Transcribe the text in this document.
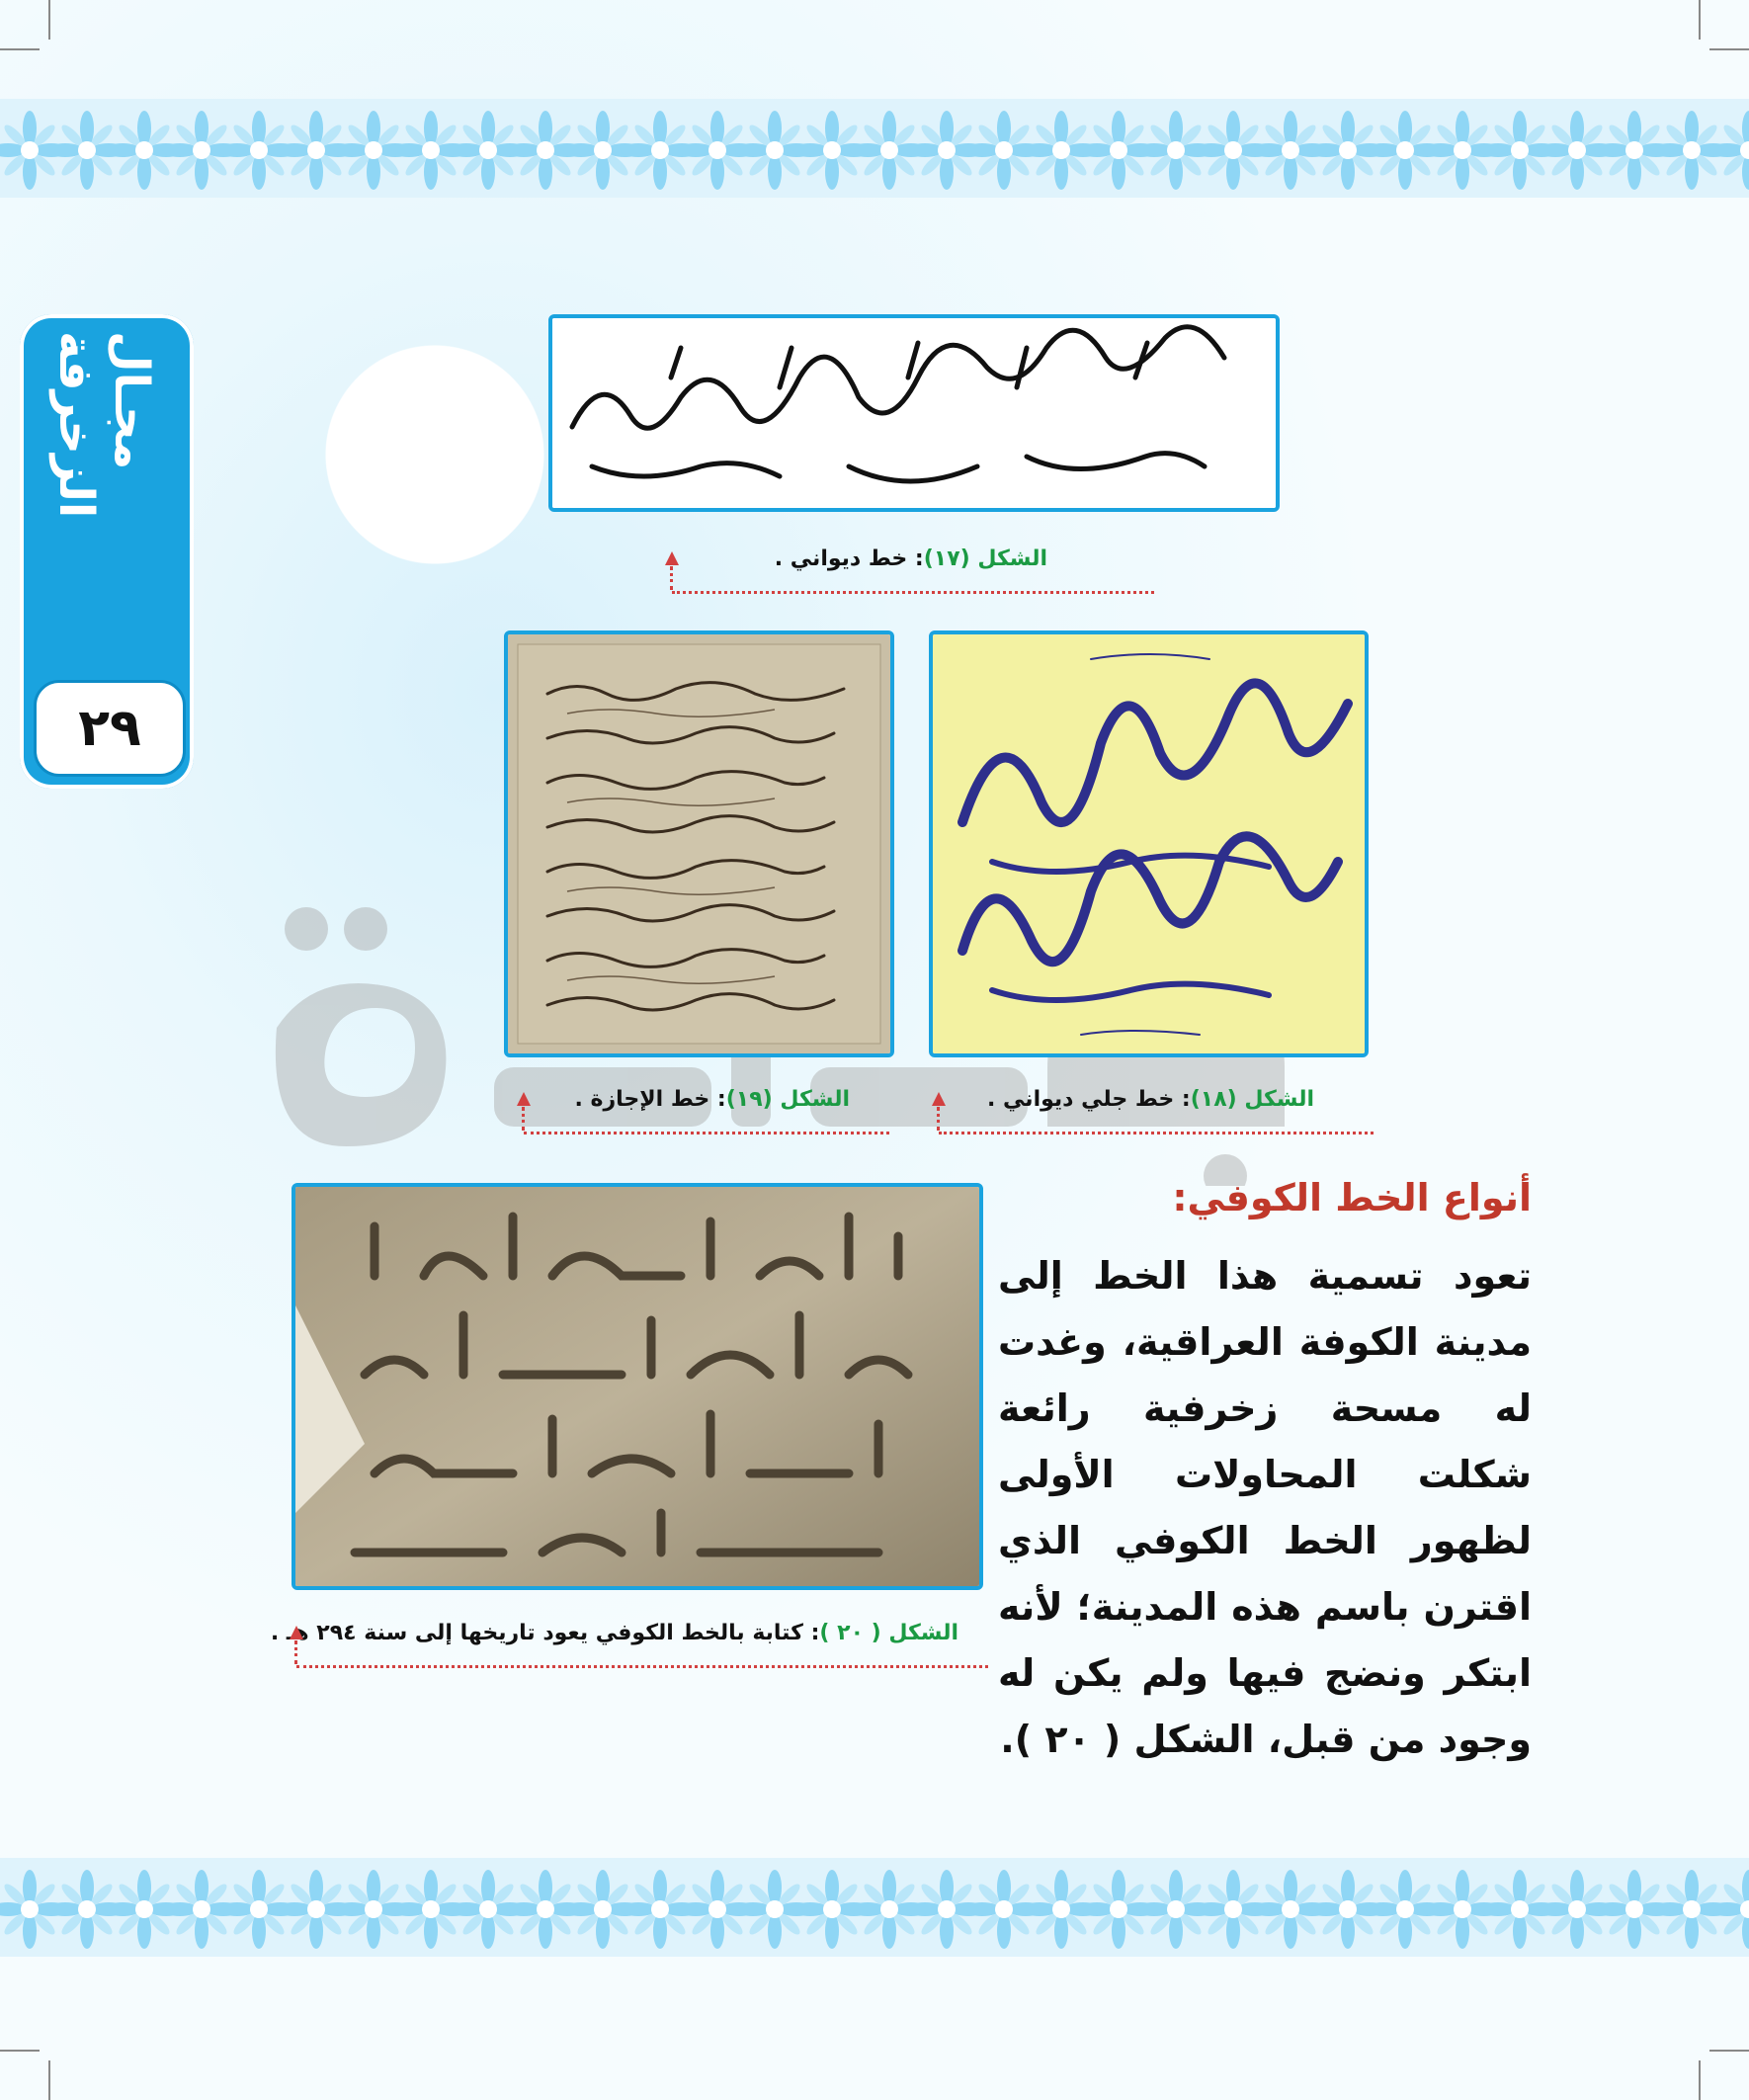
مجـال الزخرفة
٢٩
الشكل (١٧): خط ديواني .
الشكل (١٩): خط الإجازة .	الشكل (١٨): خط جلي ديواني .
أنواع الخط الكوفي:
تعود تسمية هذا الخط إلى مدينة الكوفة العراقية، وغدت له مسحة زخرفية رائعة شكلت المحاولات الأولى لظهور الخط الكوفي الذي اقترن باسم هذه المدينة؛ لأنه ابتكر ونضج فيها ولم يكن له وجود من قبل، الشكل ( ٢٠ ).
الشكل ( ٢٠ ): كتابة بالخط الكوفي يعود تاريخها إلى سنة ٢٩٤ هـ .
